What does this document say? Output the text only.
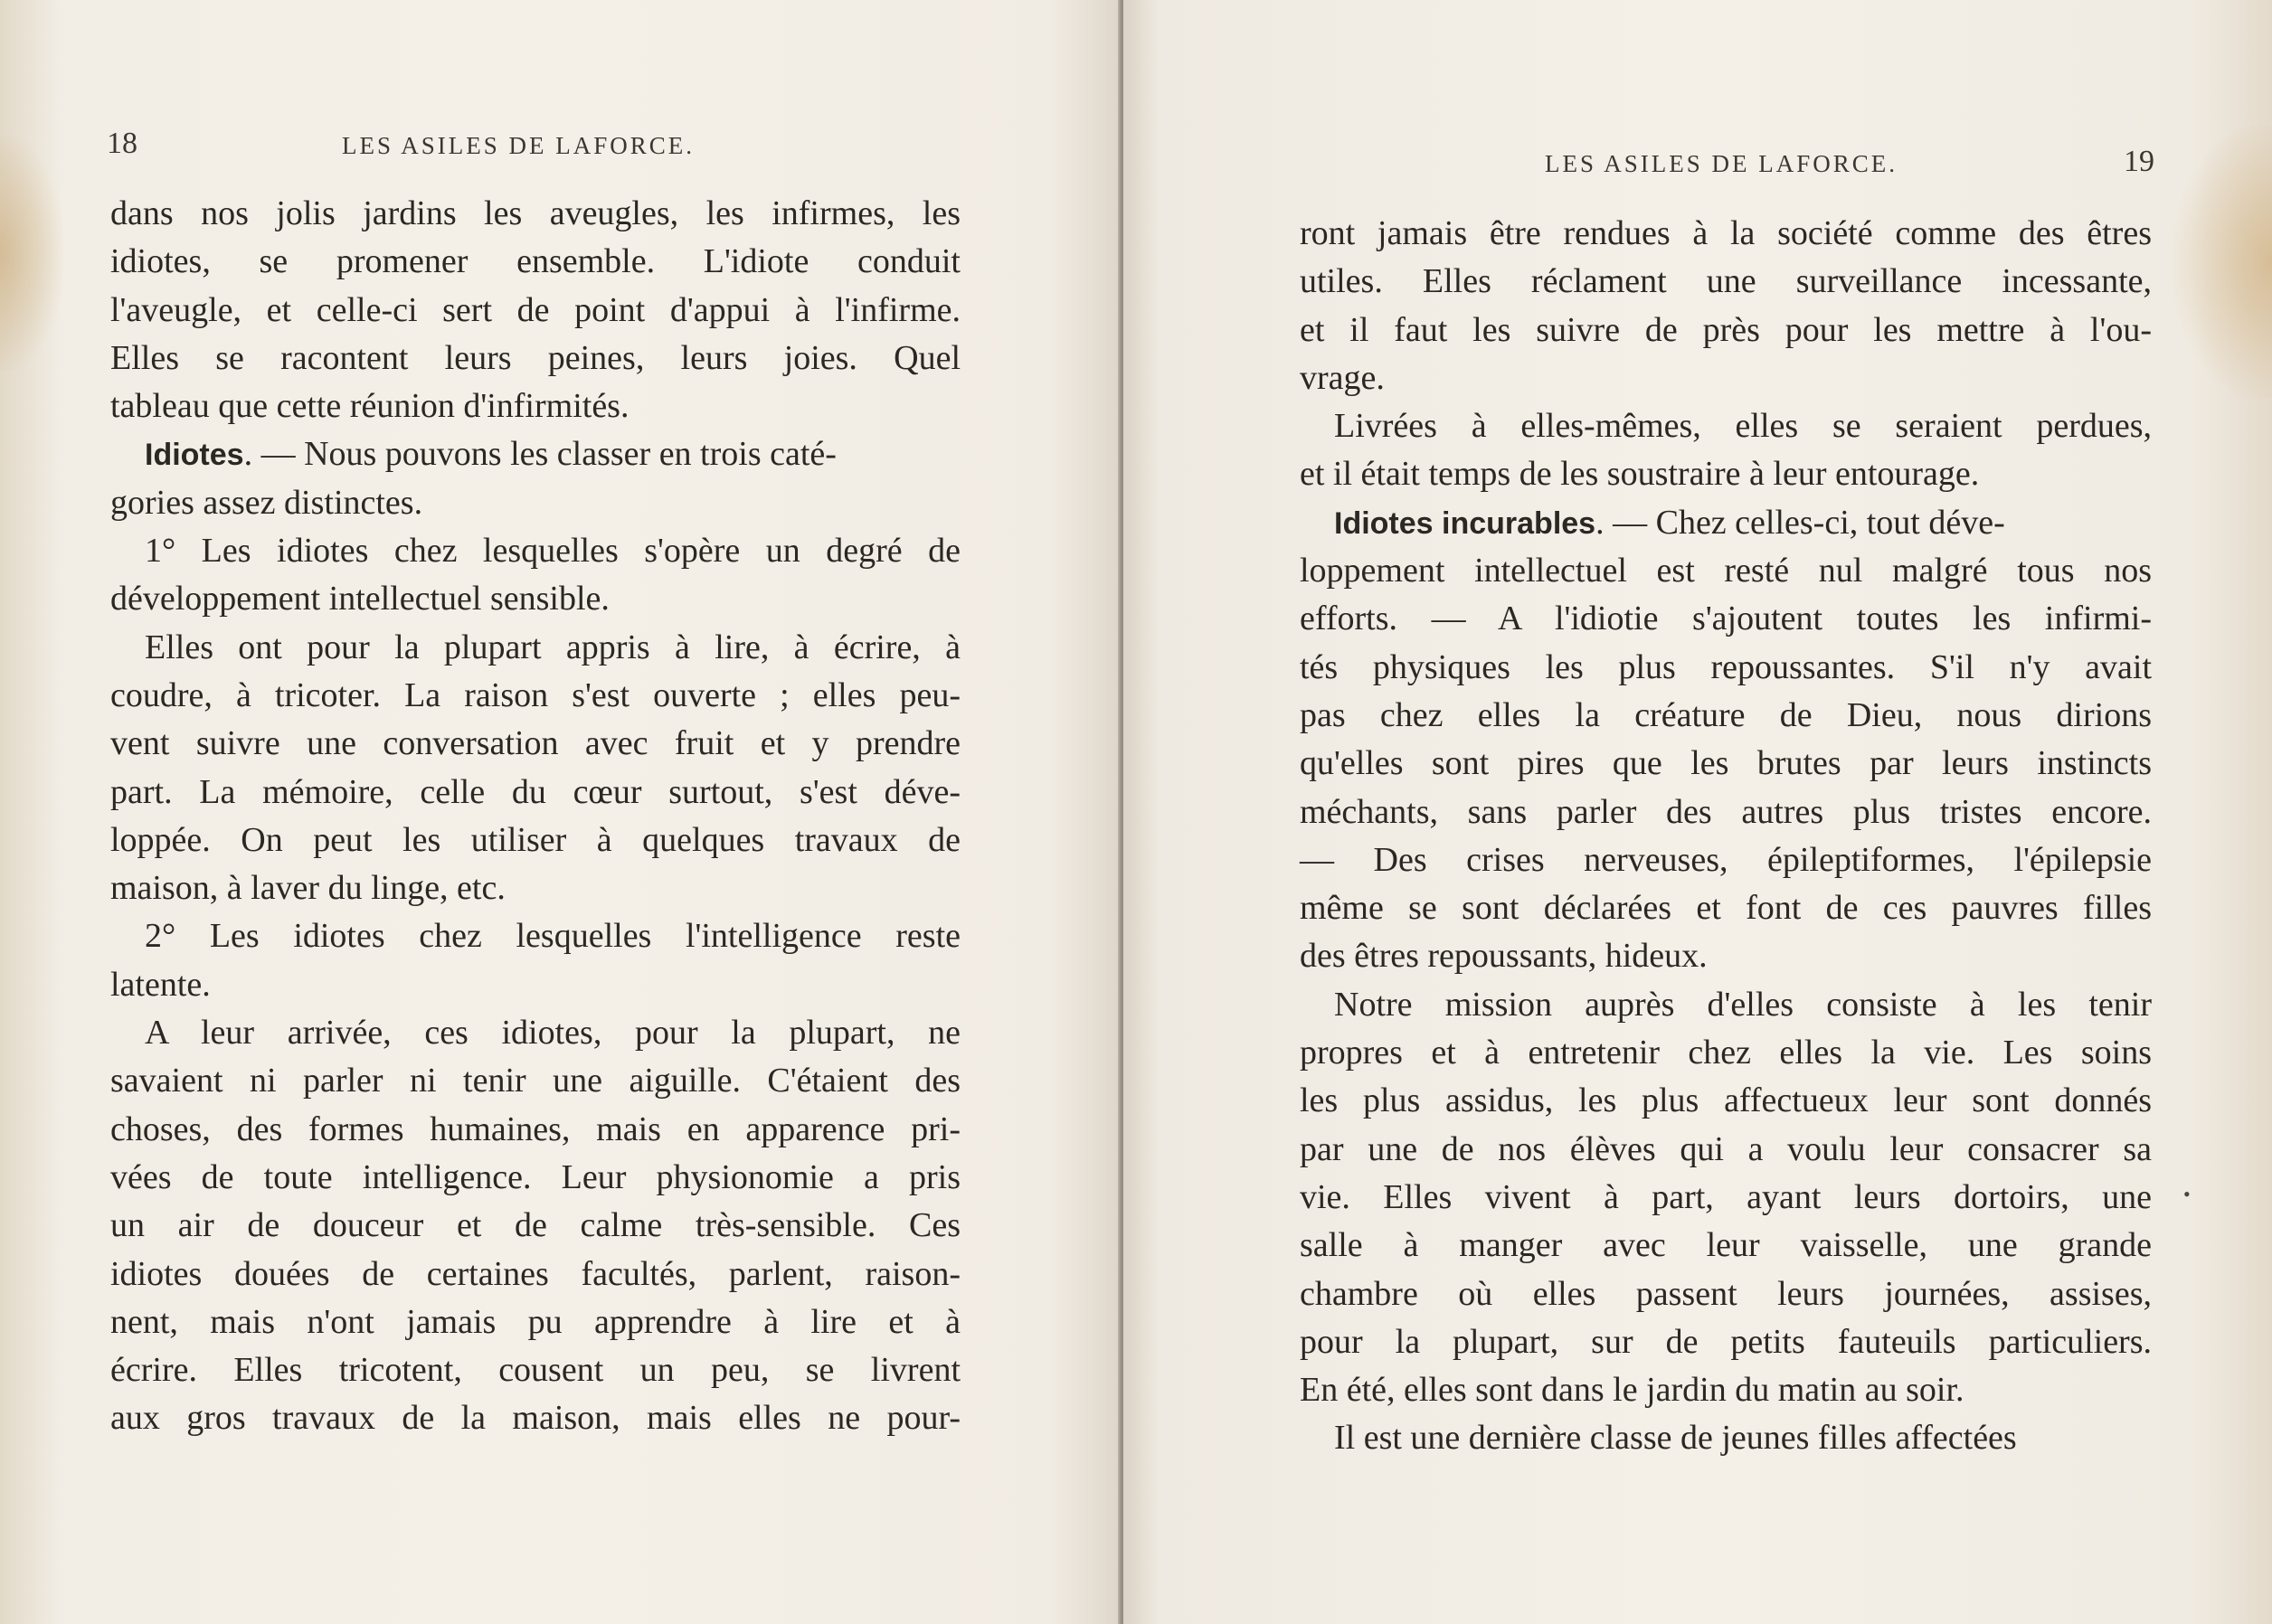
18	LES ASILES DE LAFORCE.
dans nos jolis jardins les aveugles, les infirmes, les
idiotes, se promener ensemble. L'idiote conduit
l'aveugle, et celle-ci sert de point d'appui à l'infirme.
Elles se racontent leurs peines, leurs joies. Quel
tableau que cette réunion d'infirmités.
Idiotes. — Nous pouvons les classer en trois caté-
gories assez distinctes.
1° Les idiotes chez lesquelles s'opère un degré de
développement intellectuel sensible.
Elles ont pour la plupart appris à lire, à écrire, à
coudre, à tricoter. La raison s'est ouverte ; elles peu-
vent suivre une conversation avec fruit et y prendre
part. La mémoire, celle du cœur surtout, s'est déve-
loppée. On peut les utiliser à quelques travaux de
maison, à laver du linge, etc.
2° Les idiotes chez lesquelles l'intelligence reste
latente.
A leur arrivée, ces idiotes, pour la plupart, ne
savaient ni parler ni tenir une aiguille. C'étaient des
choses, des formes humaines, mais en apparence pri-
vées de toute intelligence. Leur physionomie a pris
un air de douceur et de calme très-sensible. Ces
idiotes douées de certaines facultés, parlent, raison-
nent, mais n'ont jamais pu apprendre à lire et à
écrire. Elles tricotent, cousent un peu, se livrent
aux gros travaux de la maison, mais elles ne pour-
LES ASILES DE LAFORCE.	19
ront jamais être rendues à la société comme des êtres
utiles. Elles réclament une surveillance incessante,
et il faut les suivre de près pour les mettre à l'ou-
vrage.
Livrées à elles-mêmes, elles se seraient perdues,
et il était temps de les soustraire à leur entourage.
Idiotes incurables. — Chez celles-ci, tout déve-
loppement intellectuel est resté nul malgré tous nos
efforts. — A l'idiotie s'ajoutent toutes les infirmi-
tés physiques les plus repoussantes. S'il n'y avait
pas chez elles la créature de Dieu, nous dirions
qu'elles sont pires que les brutes par leurs instincts
méchants, sans parler des autres plus tristes encore.
— Des crises nerveuses, épileptiformes, l'épilepsie
même se sont déclarées et font de ces pauvres filles
des êtres repoussants, hideux.
Notre mission auprès d'elles consiste à les tenir
propres et à entretenir chez elles la vie. Les soins
les plus assidus, les plus affectueux leur sont donnés
par une de nos élèves qui a voulu leur consacrer sa
vie. Elles vivent à part, ayant leurs dortoirs, une
salle à manger avec leur vaisselle, une grande
chambre où elles passent leurs journées, assises,
pour la plupart, sur de petits fauteuils particuliers.
En été, elles sont dans le jardin du matin au soir.
Il est une dernière classe de jeunes filles affectées
•
